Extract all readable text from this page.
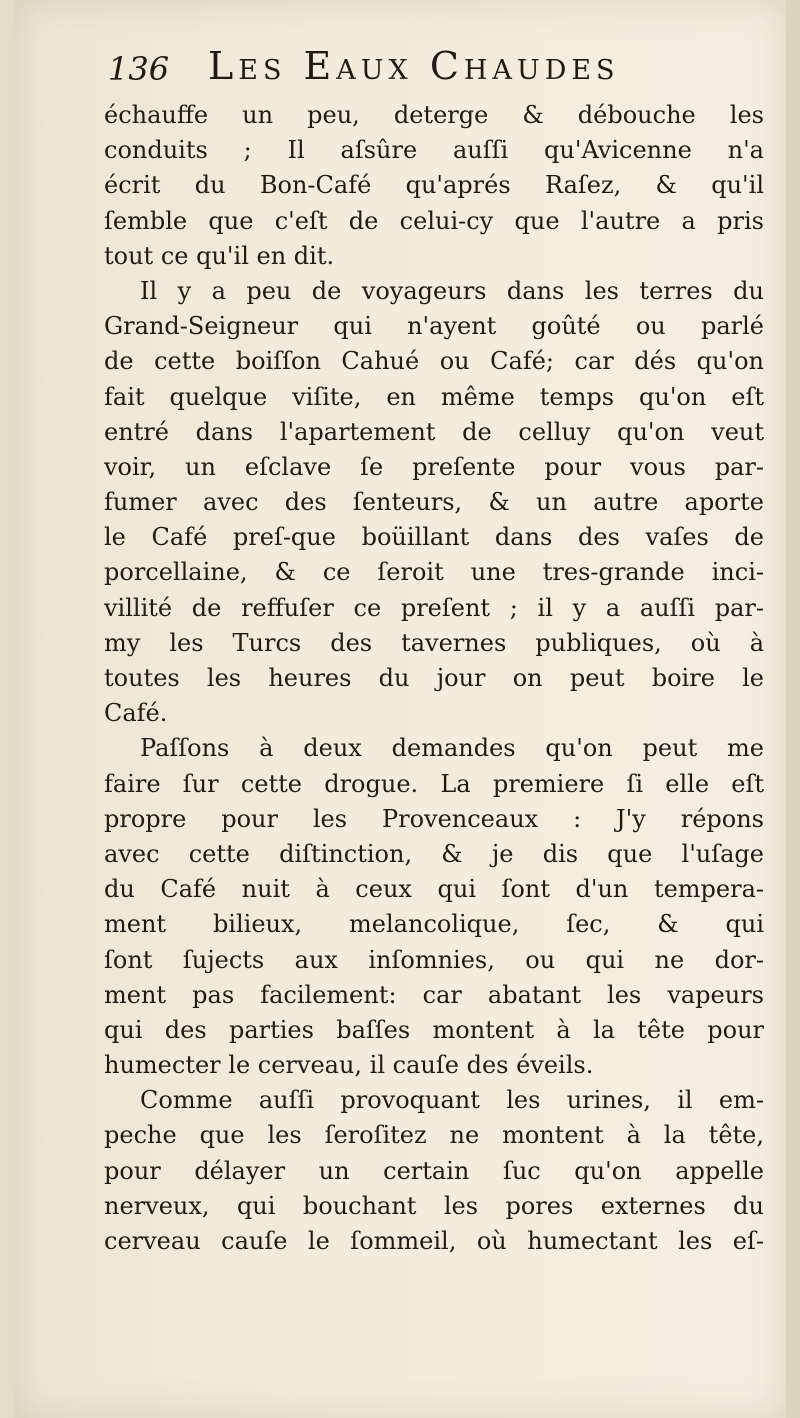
136 Les Eaux Chaudes
échauffe un peu, deterge & débouche les
conduits ; Il aſsûre auſſi qu'Avicenne n'a
écrit du Bon-Café qu'aprés Raſez, & qu'il
ſemble que c'eſt de celui-cy que l'autre a pris
tout ce qu'il en dit.
Il y a peu de voyageurs dans les terres du
Grand-Seigneur qui n'ayent goûté ou parlé
de cette boiſſon Cahué ou Café; car dés qu'on
fait quelque viſite, en même temps qu'on eſt
entré dans l'apartement de celluy qu'on veut
voir, un eſclave ſe preſente pour vous par-
fumer avec des ſenteurs, & un autre aporte
le Café preſ-que boüillant dans des vaſes de
porcellaine, & ce ſeroit une tres-grande inci-
villité de reffuſer ce preſent ; il y a auſſi par-
my les Turcs des tavernes publiques, où à
toutes les heures du jour on peut boire le
Café.
Paſſons à deux demandes qu'on peut me
faire ſur cette drogue. La premiere ſi elle eſt
propre pour les Provenceaux : J'y répons
avec cette diſtinction, & je dis que l'uſage
du Café nuit à ceux qui ſont d'un tempera-
ment bilieux, melancolique, ſec, & qui
ſont ſujects aux inſomnies, ou qui ne dor-
ment pas facilement: car abatant les vapeurs
qui des parties baſſes montent à la tête pour
humecter le cerveau, il cauſe des éveils.
Comme auſſi provoquant les urines, il em-
peche que les ſeroſitez ne montent à la tête,
pour délayer un certain ſuc qu'on appelle
nerveux, qui bouchant les pores externes du
cerveau cauſe le ſommeil, où humectant les eſ-
